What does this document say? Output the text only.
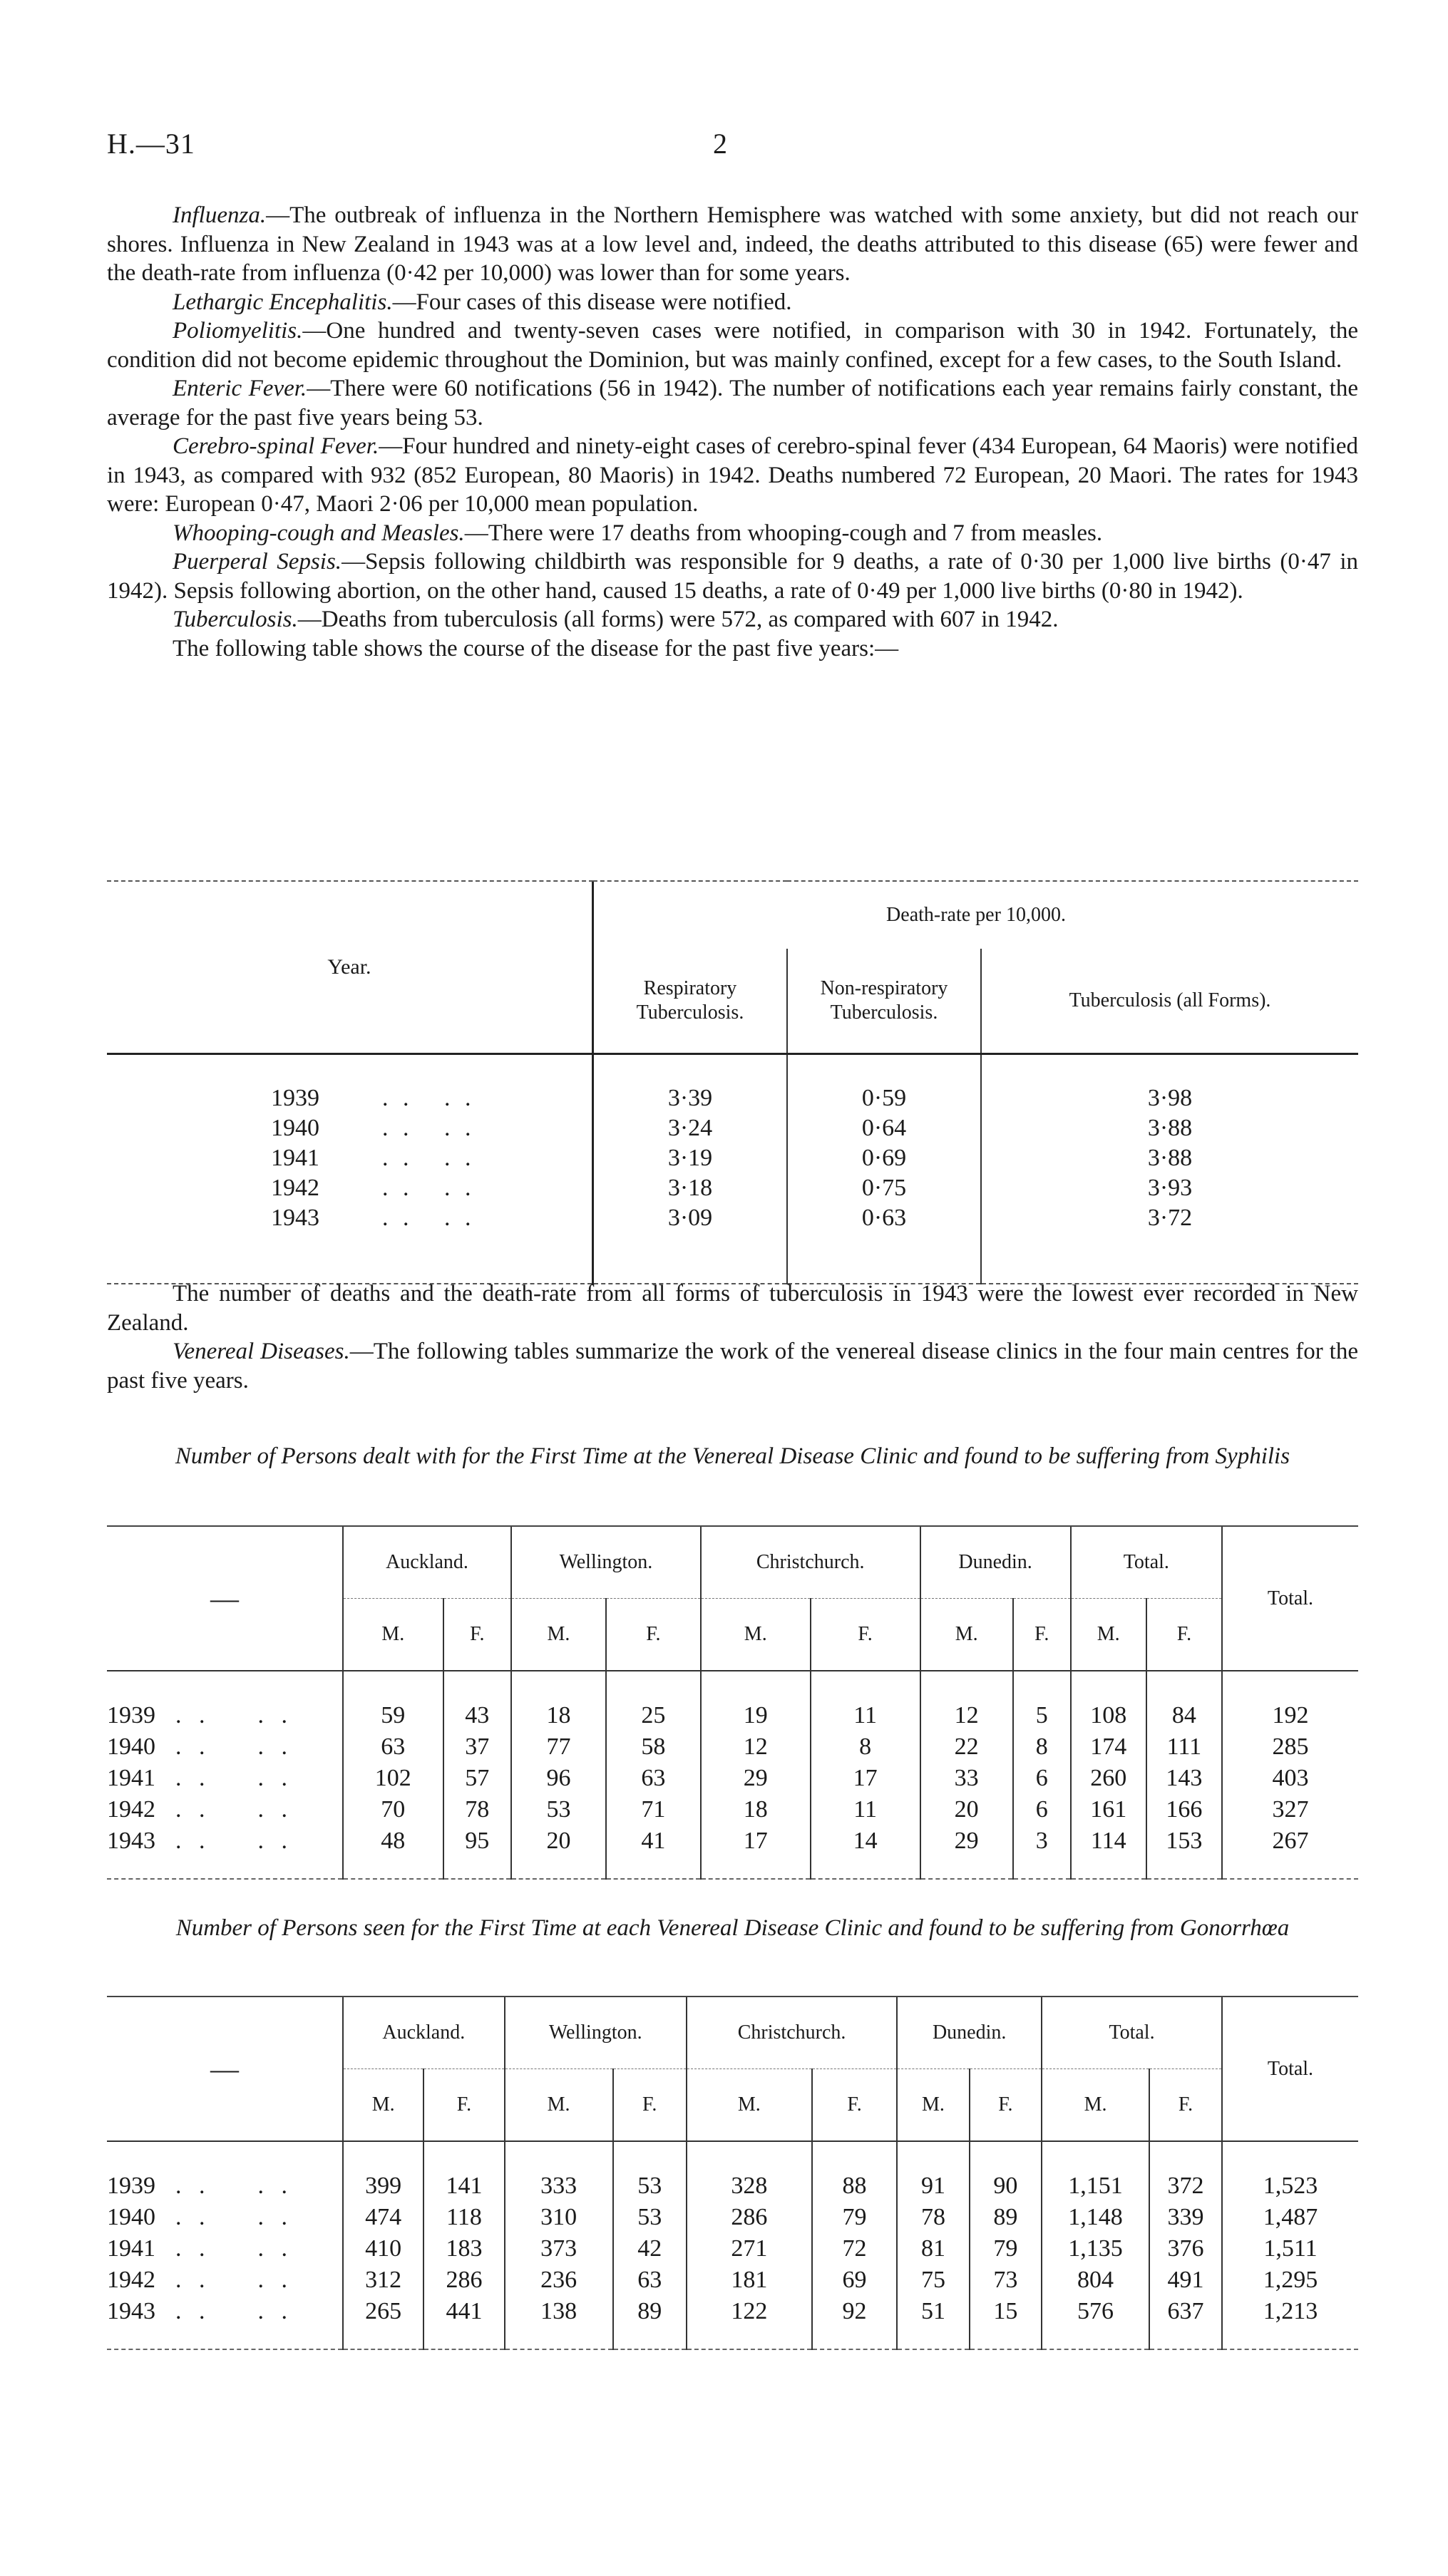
H.—31	2

Influenza.—The outbreak of influenza in the Northern Hemisphere was watched with some anxiety, but did not reach our shores. Influenza in New Zealand in 1943 was at a low level and, indeed, the deaths attributed to this disease (65) were fewer and the death-rate from influenza (0·42 per 10,000) was lower than for some years.

Lethargic Encephalitis.—Four cases of this disease were notified.

Poliomyelitis.—One hundred and twenty-seven cases were notified, in comparison with 30 in 1942. Fortunately, the condition did not become epidemic throughout the Dominion, but was mainly confined, except for a few cases, to the South Island.

Enteric Fever.—There were 60 notifications (56 in 1942). The number of notifications each year remains fairly constant, the average for the past five years being 53.

Cerebro-spinal Fever.—Four hundred and ninety-eight cases of cerebro-spinal fever (434 European, 64 Maoris) were notified in 1943, as compared with 932 (852 European, 80 Maoris) in 1942. Deaths numbered 72 European, 20 Maori. The rates for 1943 were: European 0·47, Maori 2·06 per 10,000 mean population.

Whooping-cough and Measles.—There were 17 deaths from whooping-cough and 7 from measles.

Puerperal Sepsis.—Sepsis following childbirth was responsible for 9 deaths, a rate of 0·30 per 1,000 live births (0·47 in 1942). Sepsis following abortion, on the other hand, caused 15 deaths, a rate of 0·49 per 1,000 live births (0·80 in 1942).

Tuberculosis.—Deaths from tuberculosis (all forms) were 572, as compared with 607 in 1942.

The following table shows the course of the disease for the past five years:—

Year.	Death-rate per 10,000.		
	Respiratory Tuberculosis.	Non-respiratory Tuberculosis.	Tuberculosis (all Forms).
1939 . .   . .	3·39	0·59	3·98
1940 . .   . .	3·24	0·64	3·88
1941 . .   . .	3·19	0·69	3·88
1942 . .   . .	3·18	0·75	3·93
1943 . .   . .	3·09	0·63	3·72

The number of deaths and the death-rate from all forms of tuberculosis in 1943 were the lowest ever recorded in New Zealand.

Venereal Diseases.—The following tables summarize the work of the venereal disease clinics in the four main centres for the past five years.

Number of Persons dealt with for the First Time at the Venereal Disease Clinic and found to be suffering from Syphilis

—	Auckland.		Wellington.		Christchurch.		Dunedin.		Total.		Total.
	M.	F.	M.	F.	M.	F.	M.	F.	M.	F.	
1939 . .    . .	59	43	18	25	19	11	12	5	108	84	192
1940 . .    . .	63	37	77	58	12	8	22	8	174	111	285
1941 . .    . .	102	57	96	63	29	17	33	6	260	143	403
1942 . .    . .	70	78	53	71	18	11	20	6	161	166	327
1943 . .    . .	48	95	20	41	17	14	29	3	114	153	267
Number of Persons seen for the First Time at each Venereal Disease Clinic and found to be suffering from Gonorrhœa

—	Auckland.		Wellington.		Christchurch.		Dunedin.		Total.		Total.
	M.	F.	M.	F.	M.	F.	M.	F.	M.	F.	
1939 . .    . .	399	141	333	53	328	88	91	90	1,151	372	1,523
1940 . .    . .	474	118	310	53	286	79	78	89	1,148	339	1,487
1941 . .    . .	410	183	373	42	271	72	81	79	1,135	376	1,511
1942 . .    . .	312	286	236	63	181	69	75	73	804	491	1,295
1943 . .    . .	265	441	138	89	122	92	51	15	576	637	1,213
